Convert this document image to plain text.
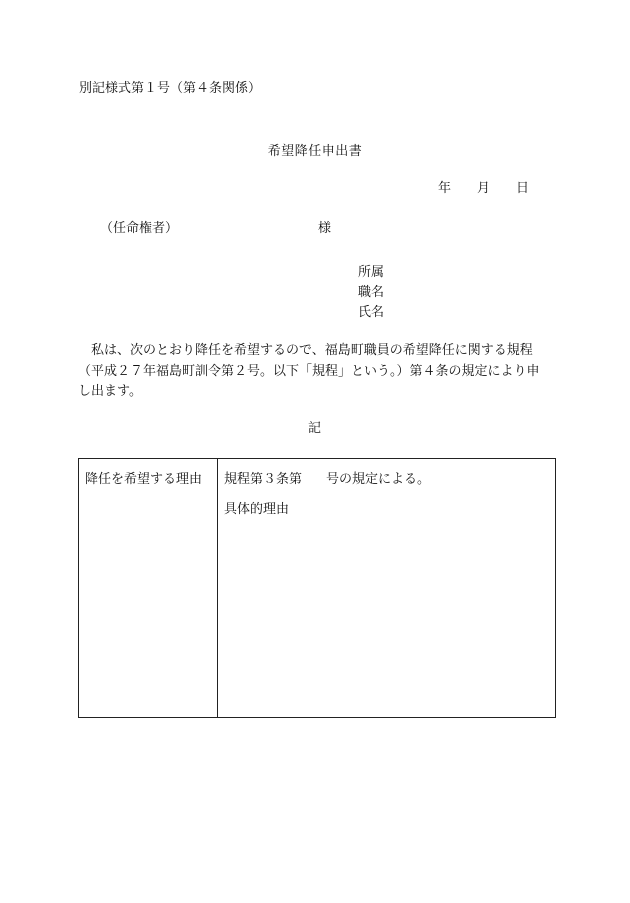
別記様式第１号（第４条関係）
希望降任申出書
年 月 日
（任命権者）	様
所属
職名
氏名
　私は、次のとおり降任を希望するので、福島町職員の希望降任に関する規程
（平成２７年福島町訓令第２号。以下「規程」という。）第４条の規定により申
し出ます。
記
降任を希望する理由 規程第３条第 号の規定による。
具体的理由
